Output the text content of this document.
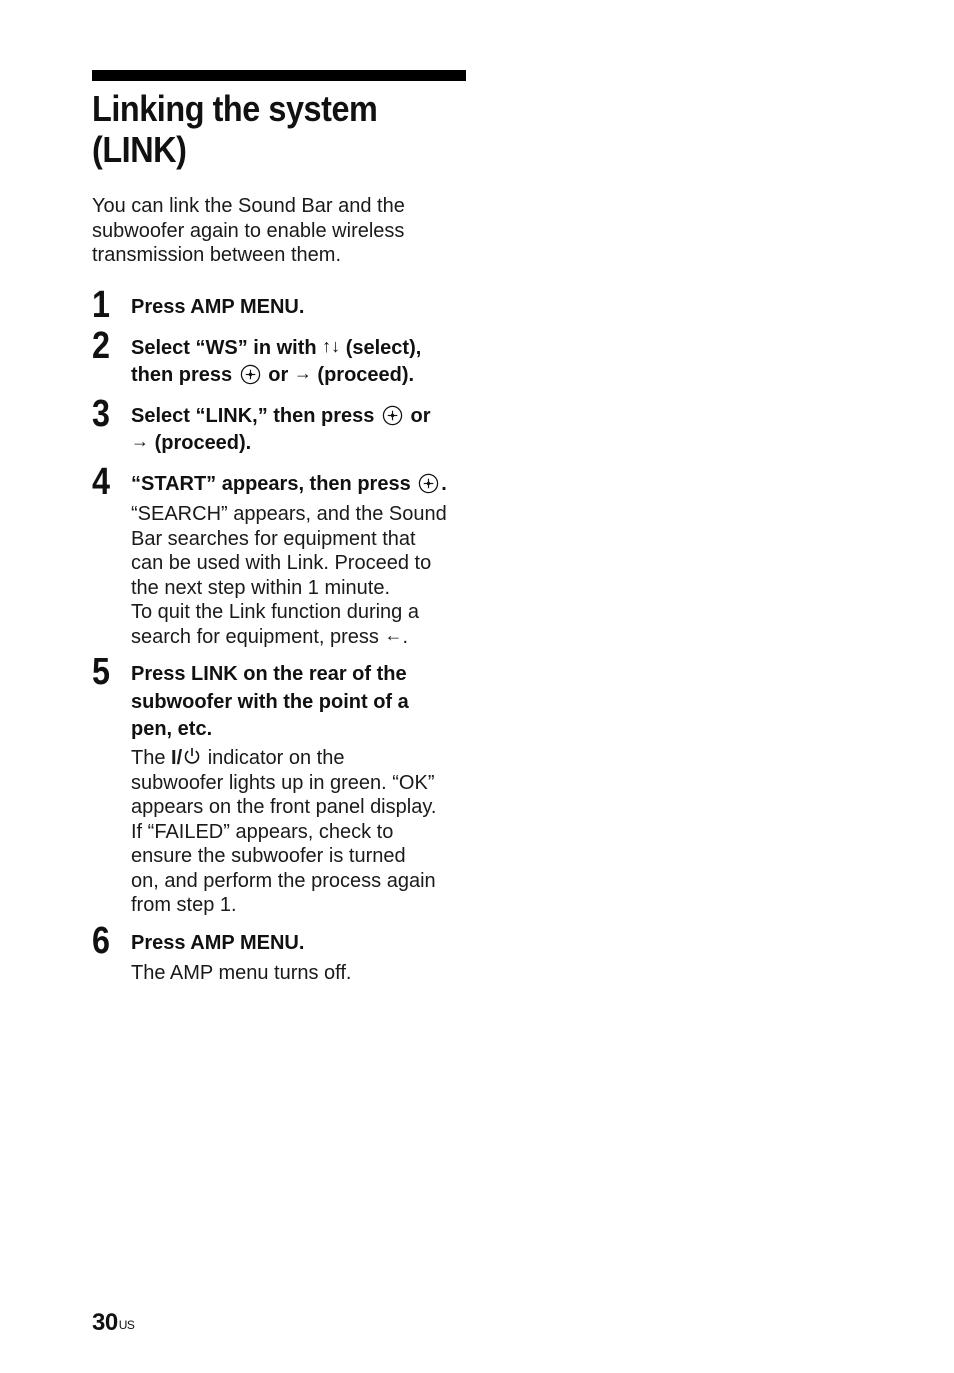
Linking the system
(LINK)

You can link the Sound Bar and the
subwoofer again to enable wireless
transmission between them.

1 Press AMP MENU.
2 Select “WS” in with ↑↓ (select),
then press or → (proceed).
3 Select “LINK,” then press or
→ (proceed).
4 “START” appears, then press .
“SEARCH” appears, and the Sound
Bar searches for equipment that
can be used with Link. Proceed to
the next step within 1 minute.
To quit the Link function during a
search for equipment, press ←.
5 Press LINK on the rear of the
subwoofer with the point of a
pen, etc.
The I/ indicator on the
subwoofer lights up in green. “OK”
appears on the front panel display.
If “FAILED” appears, check to
ensure the subwoofer is turned
on, and perform the process again
from step 1.
6 Press AMP MENU.
The AMP menu turns off.
$30^{US}$
